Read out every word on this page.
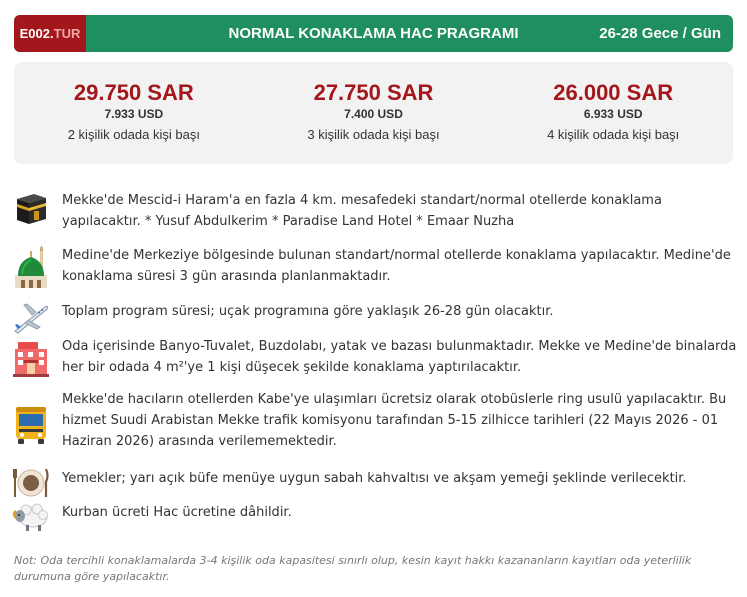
E002. TUR	NORMAL KONAKLAMA HAC PRAGRAMI	26-28 Gece / Gün
29.750 SAR
7.933 USD
2 kişilik odada kişi başı
27.750 SAR
7.400 USD
3 kişilik odada kişi başı
26.000 SAR
6.933 USD
4 kişilik odada kişi başı
Mekke'de Mescid-i Haram'a en fazla 4 km. mesafedeki standart/normal otellerde konaklama yapılacaktır. * Yusuf Abdulkerim * Paradise Land Hotel * Emaar Nuzha
Medine'de Merkeziye bölgesinde bulunan standart/normal otellerde konaklama yapılacaktır. Medine'de konaklama süresi 3 gün arasında planlanmaktadır.
Toplam program süresi; uçak programına göre yaklaşık 26-28 gün olacaktır.
Oda içerisinde Banyo-Tuvalet, Buzdolabı, yatak ve bazası bulunmaktadır. Mekke ve Medine'de binalarda her bir odada 4 m²'ye 1 kişi düşecek şekilde konaklama yaptırılacaktır.
Mekke'de hacıların otellerden Kabe'ye ulaşımları ücretsiz olarak otobüslerle ring usulü yapılacaktır. Bu hizmet Suudi Arabistan Mekke trafik komisyonu tarafından 5-15 zilhicce tarihleri (22 Mayıs 2026 - 01 Haziran 2026) arasında verilememektedir.
Yemekler; yarı açık büfe menüye uygun sabah kahvaltısı ve akşam yemeği şeklinde verilecektir.
Kurban ücreti Hac ücretine dâhildir.
Not: Oda tercihli konaklamalarda 3-4 kişilik oda kapasitesi sınırlı olup, kesin kayıt hakkı kazananların kayıtları oda yeterlilik durumuna göre yapılacaktır.
